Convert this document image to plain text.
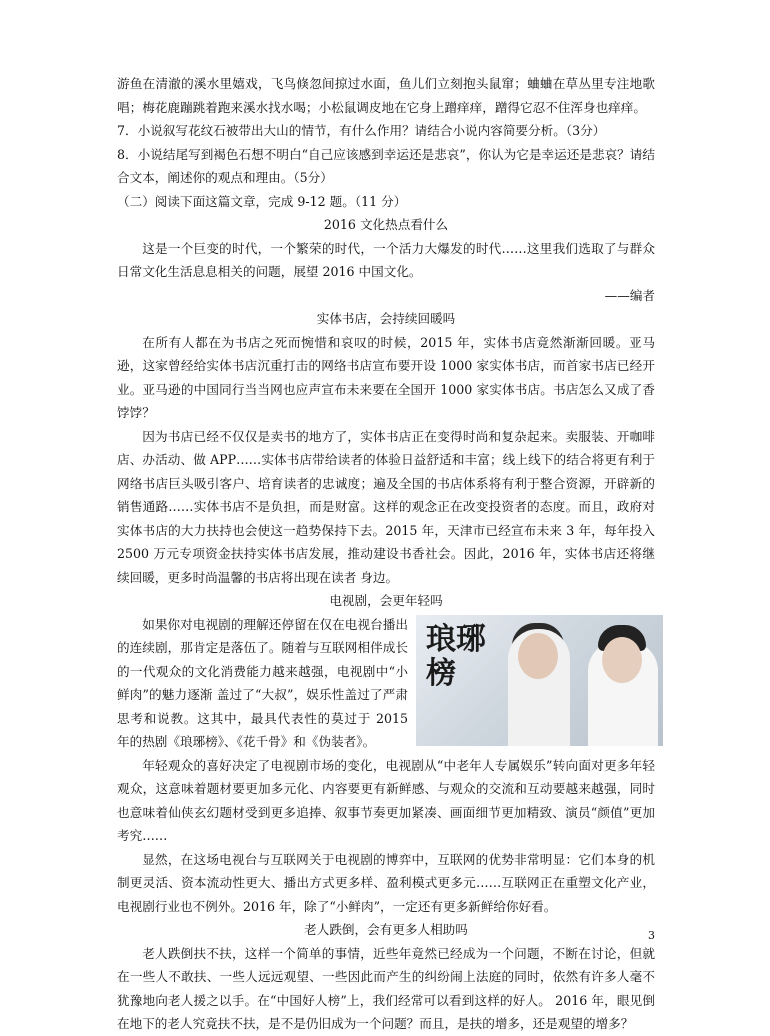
游鱼在清澈的溪水里嬉戏，飞鸟倏忽间掠过水面，鱼儿们立刻抱头鼠窜；蛐蛐在草丛里专注地歌唱；梅花鹿蹦跳着跑来溪水找水喝；小松鼠调皮地在它身上蹭痒痒，蹭得它忍不住浑身也痒痒。

7．小说叙写花纹石被带出大山的情节，有什么作用？请结合小说内容简要分析。（3分）

8．小说结尾写到褐色石想不明白“自己应该感到幸运还是悲哀”，你认为它是幸运还是悲哀？请结合文本，阐述你的观点和理由。（5分）

（二）阅读下面这篇文章，完成 9-12 题。（11 分）

2016 文化热点看什么

这是一个巨变的时代，一个繁荣的时代，一个活力大爆发的时代……这里我们选取了与群众日常文化生活息息相关的问题，展望 2016 中国文化。

——编者

实体书店，会持续回暖吗

在所有人都在为书店之死而惋惜和哀叹的时候，2015 年，实体书店竟然渐渐回暖。亚马逊，这家曾经给实体书店沉重打击的网络书店宣布要开设 1000 家实体书店，而首家书店已经开业。亚马逊的中国同行当当网也应声宣布未来要在全国开 1000 家实体书店。书店怎么又成了香饽饽？

因为书店已经不仅仅是卖书的地方了，实体书店正在变得时尚和复杂起来。卖服装、开咖啡店、办活动、做 APP……实体书店带给读者的体验日益舒适和丰富；线上线下的结合将更有利于网络书店巨头吸引客户、培育读者的忠诚度；遍及全国的书店体系将有利于整合资源，开辟新的销售通路……实体书店不是负担，而是财富。这样的观念正在改变投资者的态度。而且，政府对实体书店的大力扶持也会使这一趋势保持下去。2015 年，天津市已经宣布未来 3 年，每年投入 2500 万元专项资金扶持实体书店发展，推动建设书香社会。因此，2016 年，实体书店还将继续回暖，更多时尚温馨的书店将出现在读者 身边。

电视剧，会更年轻吗

琅琊榜

如果你对电视剧的理解还停留在仅在电视台播出的连续剧，那肯定是落伍了。随着与互联网相伴成长的一代观众的文化消费能力越来越强，电视剧中“小鲜肉”的魅力逐渐 盖过了“大叔”，娱乐性盖过了严肃思考和说教。这其中，最具代表性的莫过于 2015 年的热剧《琅琊榜》、《花千骨》和《伪装者》。

年轻观众的喜好决定了电视剧市场的变化，电视剧从“中老年人专属娱乐”转向面对更多年轻观众，这意味着题材要更加多元化、内容要更有新鲜感、与观众的交流和互动要越来越强，同时也意味着仙侠玄幻题材受到更多追捧、叙事节奏更加紧凑、画面细节更加精致、演员“颜值”更加考究……

显然，在这场电视台与互联网关于电视剧的博弈中，互联网的优势非常明显：它们本身的机制更灵活、资本流动性更大、播出方式更多样、盈利模式更多元……互联网正在重塑文化产业，电视剧行业也不例外。2016 年，除了“小鲜肉”，一定还有更多新鲜给你好看。

老人跌倒，会有更多人相助吗

老人跌倒扶不扶，这样一个简单的事情，近些年竟然已经成为一个问题，不断在讨论，但就在一些人不敢扶、一些人远远观望、一些因此而产生的纠纷闹上法庭的同时，依然有许多人毫不犹豫地向老人援之以手。在“中国好人榜”上，我们经常可以看到这样的好人。 2016 年，眼见倒 在地下的老人究竟扶不扶，是不是仍旧成为一个问题？而且，是扶的增多，还是观望的增多？

3
